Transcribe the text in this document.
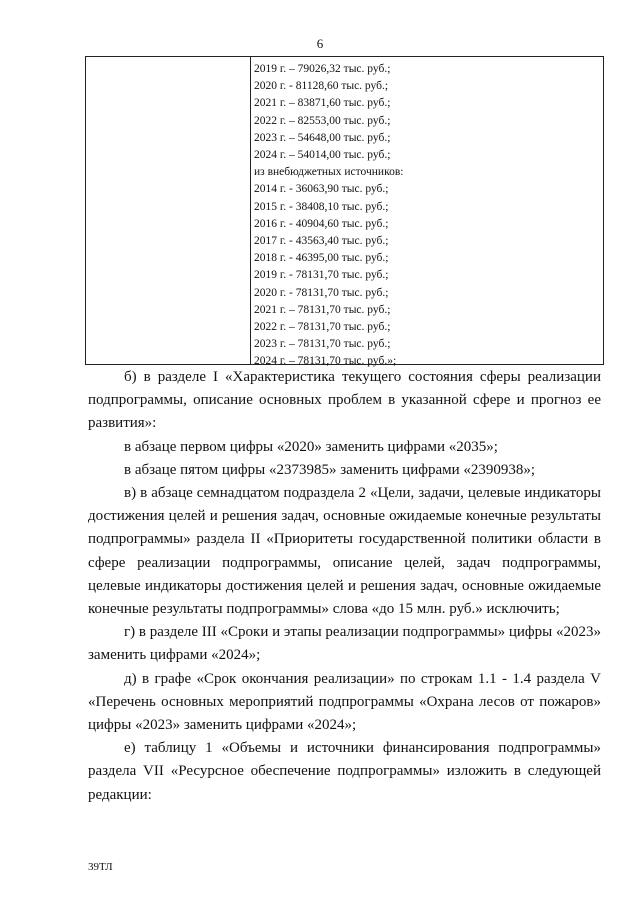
6
2019 г. – 79026,32 тыс. руб.;
2020 г. - 81128,60 тыс. руб.;
2021 г. – 83871,60 тыс. руб.;
2022 г. – 82553,00 тыс. руб.;
2023 г. – 54648,00 тыс. руб.;
2024 г. – 54014,00 тыс. руб.;
из внебюджетных источников:
2014 г. - 36063,90 тыс. руб.;
2015 г. - 38408,10 тыс. руб.;
2016 г. - 40904,60 тыс. руб.;
2017 г. - 43563,40 тыс. руб.;
2018 г. - 46395,00 тыс. руб.;
2019 г. - 78131,70 тыс. руб.;
2020 г. - 78131,70 тыс. руб.;
2021 г. – 78131,70 тыс. руб.;
2022 г. – 78131,70 тыс. руб.;
2023 г. – 78131,70 тыс. руб.;
2024 г. – 78131,70 тыс. руб.»;

б) в разделе I «Характеристика текущего состояния сферы реализации подпрограммы, описание основных проблем в указанной сфере и прогноз ее развития»:

в абзаце первом цифры «2020» заменить цифрами «2035»;

в абзаце пятом цифры «2373985» заменить цифрами «2390938»;

в) в абзаце семнадцатом подраздела 2 «Цели, задачи, целевые индикаторы достижения целей и решения задач, основные ожидаемые конечные результаты подпрограммы» раздела II «Приоритеты государственной политики области в сфере реализации подпрограммы, описание целей, задач подпрограммы, целевые индикаторы достижения целей и решения задач, основные ожидаемые конечные результаты подпрограммы» слова «до 15 млн. руб.» исключить;

г) в разделе III «Сроки и этапы реализации подпрограммы» цифры «2023» заменить цифрами «2024»;

д) в графе «Срок окончания реализации» по строкам 1.1 - 1.4 раздела V «Перечень основных мероприятий подпрограммы «Охрана лесов от пожаров» цифры «2023» заменить цифрами «2024»;

е) таблицу 1 «Объемы и источники финансирования подпрограммы» раздела VII «Ресурсное обеспечение подпрограммы» изложить в следующей редакции:

39ТЛ
